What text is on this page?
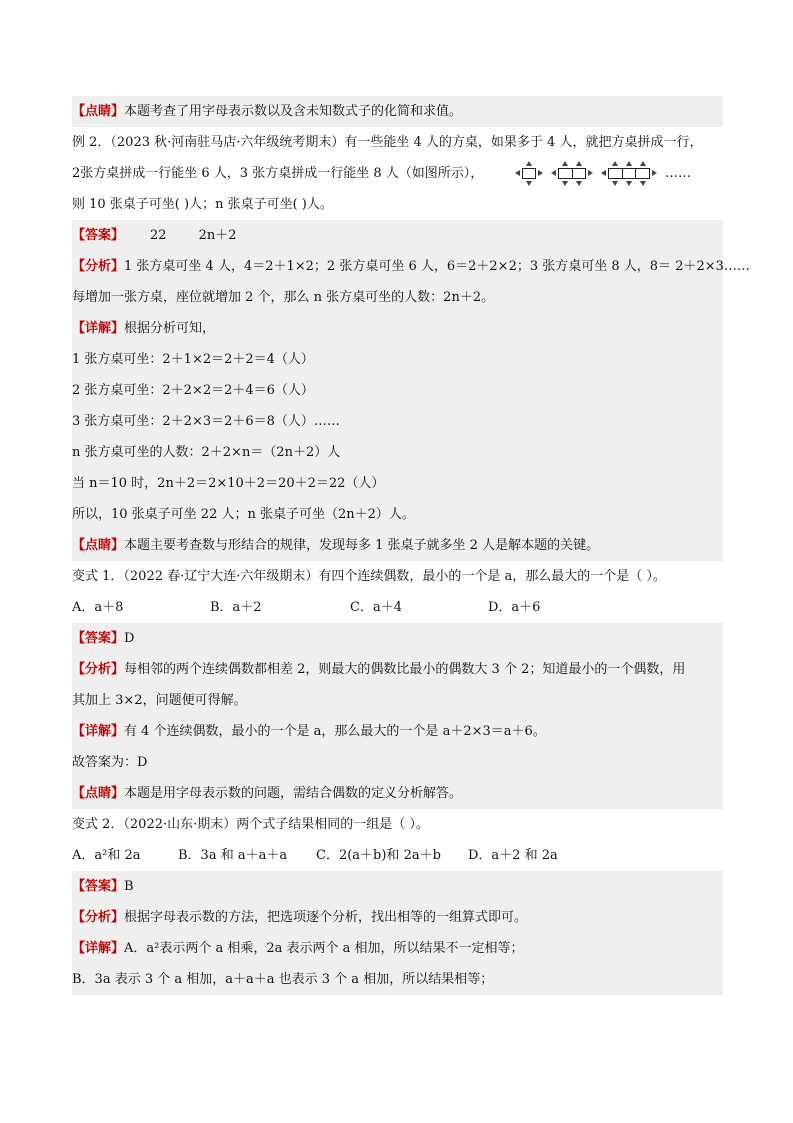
【点睛】本题考查了用字母表示数以及含未知数式子的化简和求值。
例 2．（2023 秋·河南驻马店·六年级统考期末）有一些能坐 4 人的方桌，如果多于 4 人，就把方桌拼成一行，
2张方桌拼成一行能坐 6 人，3 张方桌拼成一行能坐 8 人（如图所示），	……
则 10 张桌子可坐( )人；n 张桌子可坐( )人。
【答案】 22 2n＋2
【分析】1 张方桌可坐 4 人，4＝2＋1×2；2 张方桌可坐 6 人，6＝2＋2×2；3 张方桌可坐 8 人，8＝ 2＋2×3……
每增加一张方桌，座位就增加 2 个，那么 n 张方桌可坐的人数：2n＋2。
【详解】根据分析可知，
1 张方桌可坐：2＋1×2＝2＋2＝4（人）
2 张方桌可坐：2＋2×2＝2＋4＝6（人）
3 张方桌可坐：2＋2×3＝2＋6＝8（人）……
n 张方桌可坐的人数：2＋2×n＝（2n＋2）人
当 n＝10 时，2n＋2＝2×10＋2＝20＋2＝22（人）
所以，10 张桌子可坐 22 人；n 张桌子可坐（2n＋2）人。
【点睛】本题主要考查数与形结合的规律，发现每多 1 张桌子就多坐 2 人是解本题的关键。
变式 1．（2022 春·辽宁大连·六年级期末）有四个连续偶数，最小的一个是 a，那么最大的一个是（ ）。
A．a＋8	B．a＋2	C．a＋4	D．a＋6
【答案】D
【分析】每相邻的两个连续偶数都相差 2，则最大的偶数比最小的偶数大 3 个 2；知道最小的一个偶数，用
其加上 3×2，问题便可得解。
【详解】有 4 个连续偶数，最小的一个是 a，那么最大的一个是 a＋2×3＝a＋6。
故答案为：D
【点睛】本题是用字母表示数的问题，需结合偶数的定义分析解答。
变式 2．（2022·山东·期末）两个式子结果相同的一组是（ ）。
A．a²和 2a	B．3a 和 a＋a＋a	C．2(a＋b)和 2a＋b	D．a＋2 和 2a
【答案】B
【分析】根据字母表示数的方法，把选项逐个分析，找出相等的一组算式即可。
【详解】A．a²表示两个 a 相乘，2a 表示两个 a 相加，所以结果不一定相等；
B．3a 表示 3 个 a 相加，a＋a＋a 也表示 3 个 a 相加，所以结果相等；
